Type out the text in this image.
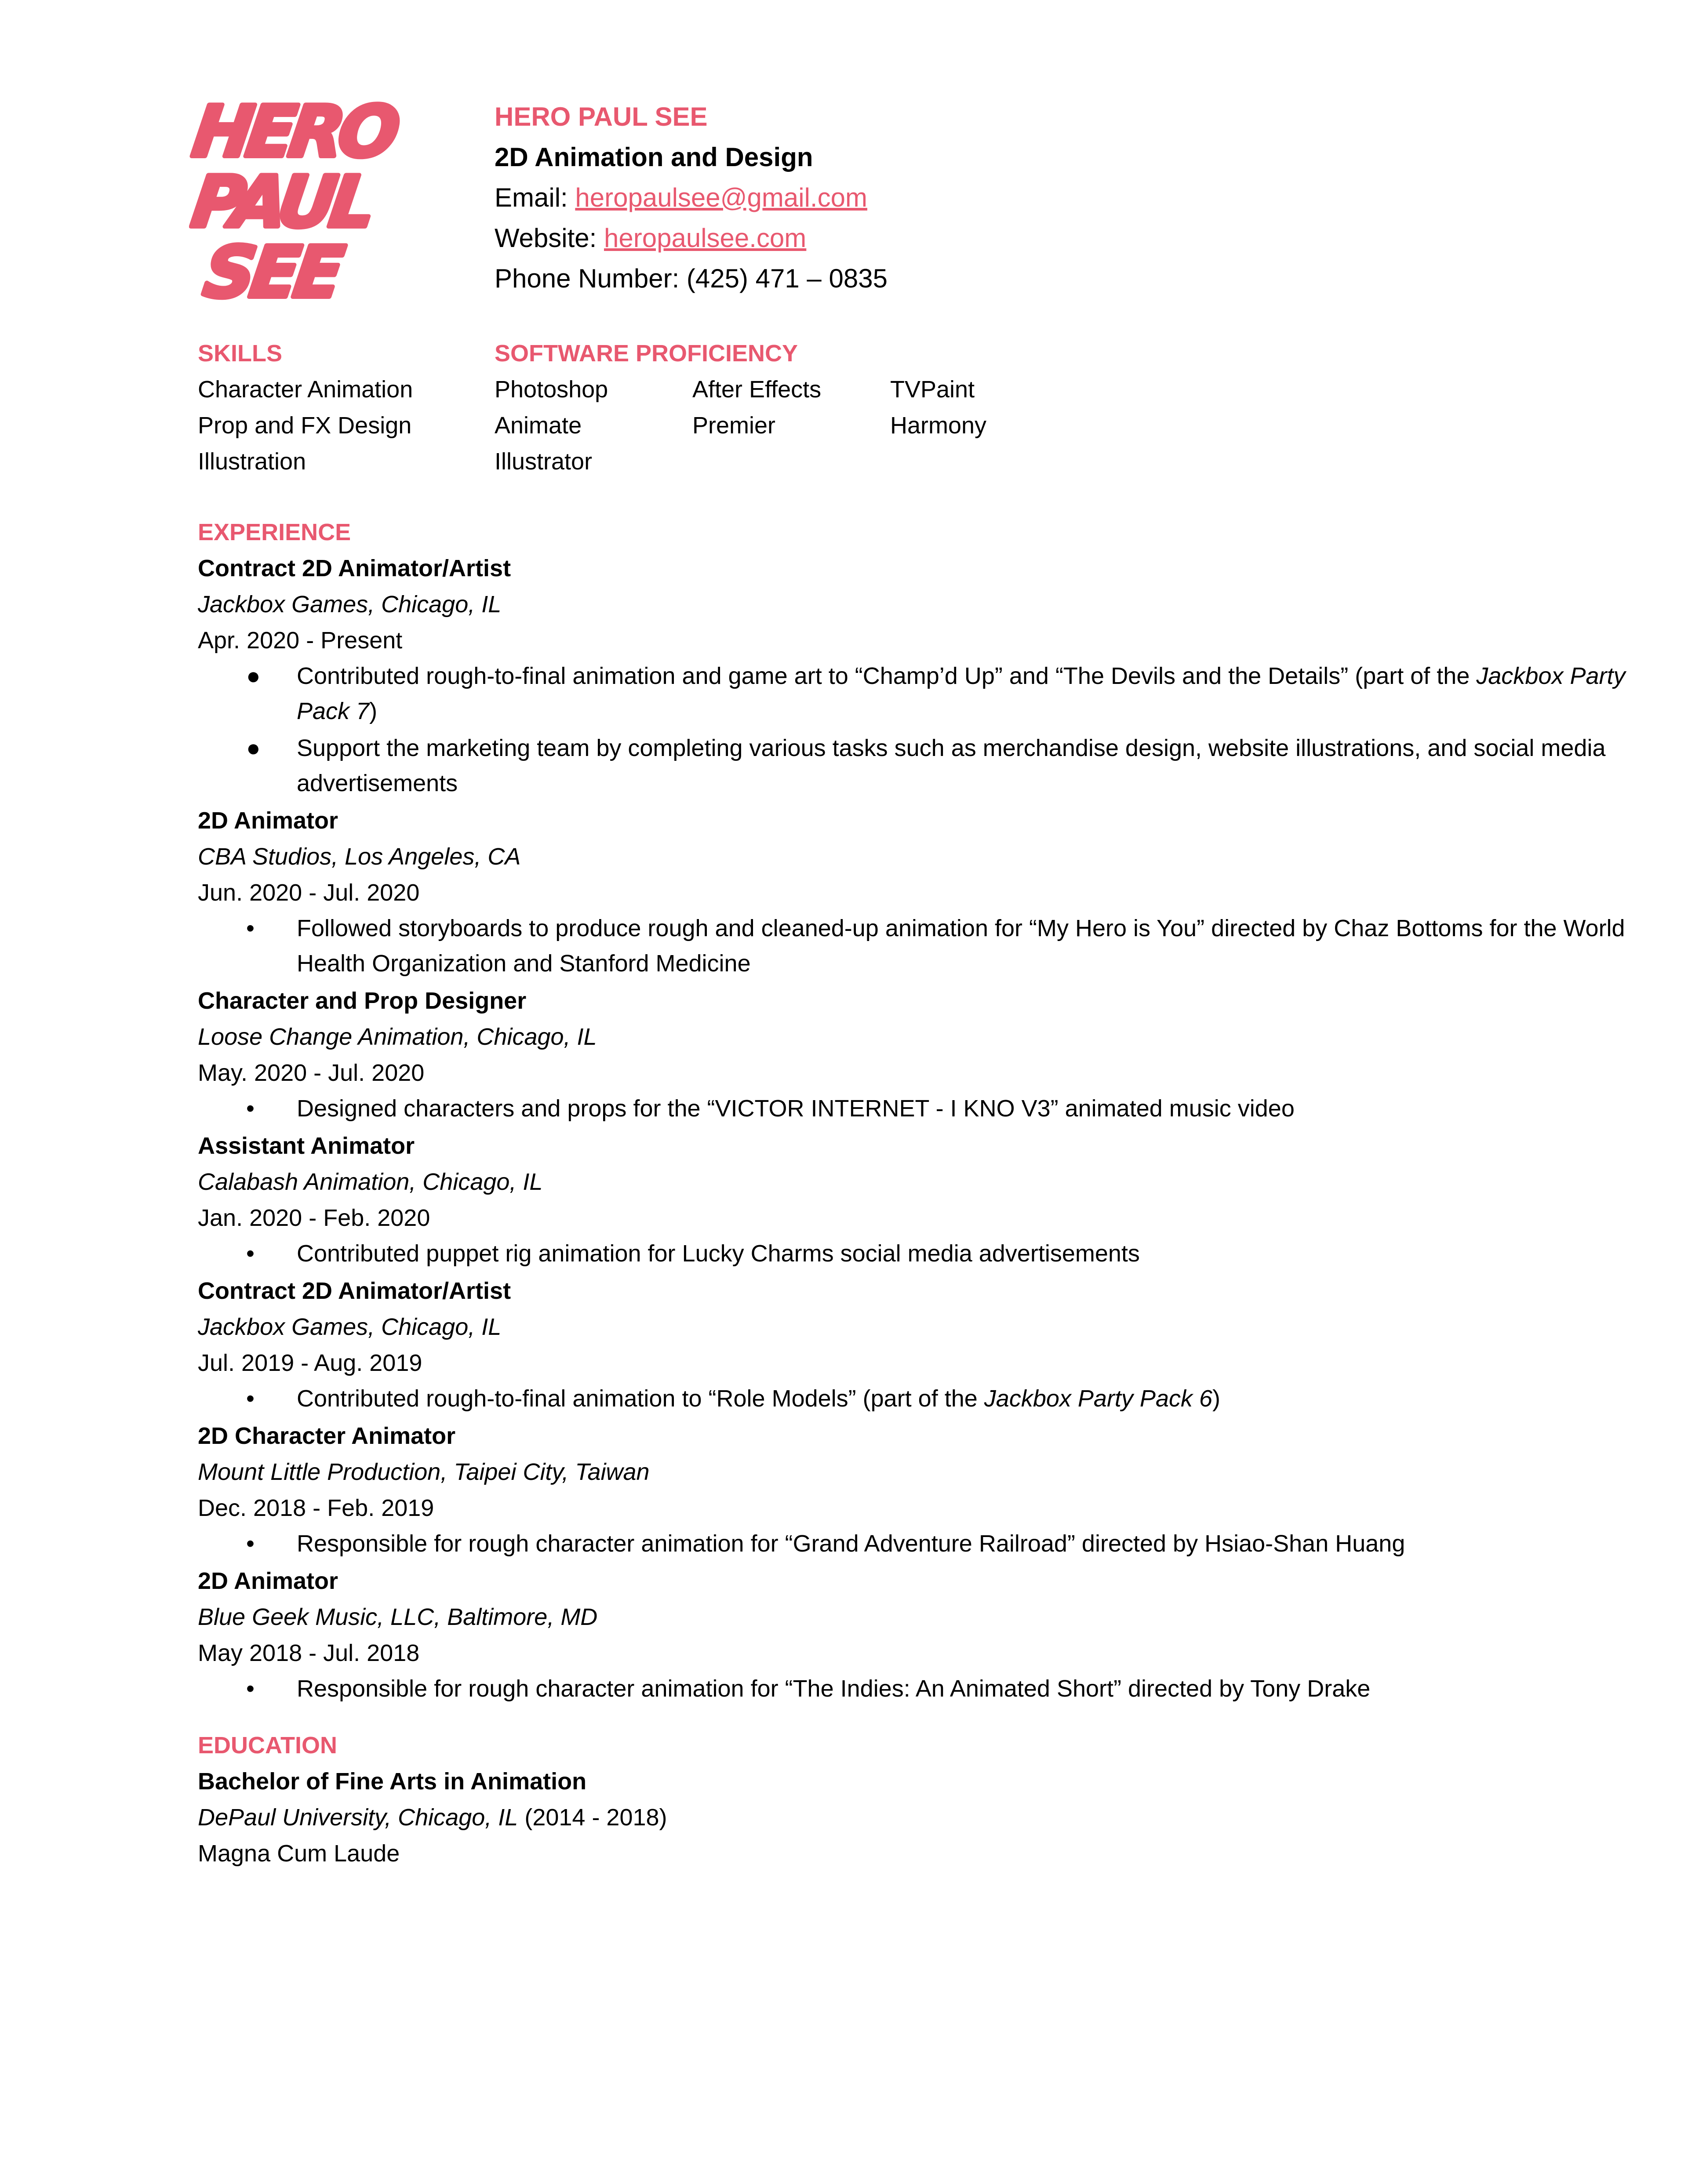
HERO
PAUL
SEE
HERO PAUL SEE
2D Animation and Design
Email: heropaulsee@gmail.com
Website: heropaulsee.com
Phone Number: (425) 471 – 0835
SKILLS
Character Animation
Prop and FX Design
Illustration
SOFTWARE PROFICIENCY
Photoshop	After Effects	TVPaint
Animate	Premier	Harmony
Illustrator
EXPERIENCE
Contract 2D Animator/Artist
Jackbox Games, Chicago, IL
Apr. 2020 - Present
● Contributed rough-to-final animation and game art to “Champ’d Up” and “The Devils and the Details” (part of the Jackbox Party Pack 7)
● Support the marketing team by completing various tasks such as merchandise design, website illustrations, and social media advertisements
2D Animator
CBA Studios, Los Angeles, CA
Jun. 2020 - Jul. 2020
• Followed storyboards to produce rough and cleaned-up animation for “My Hero is You” directed by Chaz Bottoms for the World Health Organization and Stanford Medicine
Character and Prop Designer
Loose Change Animation, Chicago, IL
May. 2020 - Jul. 2020
• Designed characters and props for the “VICTOR INTERNET - I KNO V3” animated music video
Assistant Animator
Calabash Animation, Chicago, IL
Jan. 2020 - Feb. 2020
• Contributed puppet rig animation for Lucky Charms social media advertisements
Contract 2D Animator/Artist
Jackbox Games, Chicago, IL
Jul. 2019 - Aug. 2019
• Contributed rough-to-final animation to “Role Models” (part of the Jackbox Party Pack 6)
2D Character Animator
Mount Little Production, Taipei City, Taiwan
Dec. 2018 - Feb. 2019
• Responsible for rough character animation for “Grand Adventure Railroad” directed by Hsiao-Shan Huang
2D Animator
Blue Geek Music, LLC, Baltimore, MD
May 2018 - Jul. 2018
• Responsible for rough character animation for “The Indies: An Animated Short” directed by Tony Drake
EDUCATION
Bachelor of Fine Arts in Animation
DePaul University, Chicago, IL (2014 - 2018)
Magna Cum Laude
